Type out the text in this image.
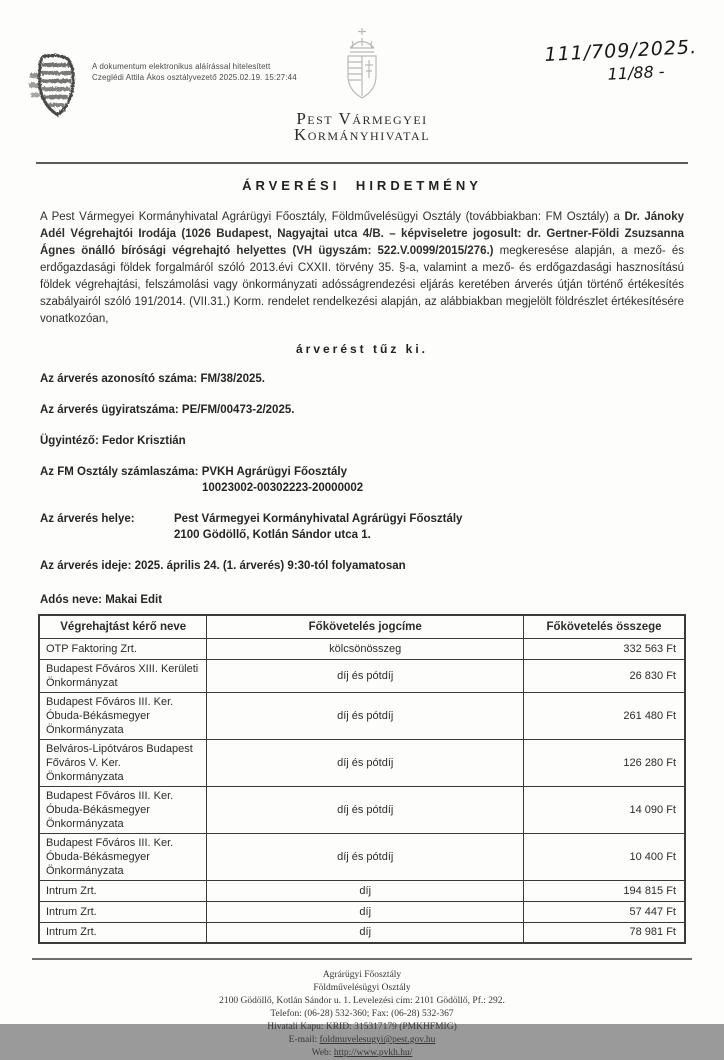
A dokumentum elektronikus aláírással hitelesített
Czeglédi Attila Ákos osztályvezető 2025.02.19. 15:27:44
Pest Vármegyei
Kormányhivatal
111/709/2025.
11/88 -
ÁRVERÉSI HIRDETMÉNY

A Pest Vármegyei Kormányhivatal Agrárügyi Főosztály, Földművelésügyi Osztály (továbbiakban: FM Osztály) a Dr. Jánoky Adél Végrehajtói Irodája (1026 Budapest, Nagyajtai utca 4/B. – képviseletre jogosult: dr. Gertner-Földi Zsuzsanna Ágnes önálló bírósági végrehajtó helyettes (VH ügyszám: 522.V.0099/2015/276.) megkeresése alapján, a mező- és erdőgazdasági földek forgalmáról szóló 2013.évi CXXII. törvény 35. §-a, valamint a mező- és erdőgazdasági hasznosítású földek végrehajtási, felszámolási vagy önkormányzati adósságrendezési eljárás keretében árverés útján történő értékesítés szabályairól szóló 191/2014. (VII.31.) Korm. rendelet rendelkezési alapján, az alábbiakban megjelölt földrészlet értékesítésére vonatkozóan,

árverést tűz ki.

Az árverés azonosító száma: FM/38/2025.
Az árverés ügyiratszáma: PE/FM/00473-2/2025.
Ügyintéző: Fedor Krisztián
Az FM Osztály számlaszáma: PVKH Agrárügyi Főosztály
10023002-00302223-20000002
Az árverés helye:	Pest Vármegyei Kormányhivatal Agrárügyi Főosztály
2100 Gödöllő, Kotlán Sándor utca 1.
Az árverés ideje: 2025. április 24. (1. árverés) 9:30-tól folyamatosan
Adós neve: Makai Edit
Végrehajtást kérő neve	Főkövetelés jogcíme	Főkövetelés összege
OTP Faktoring Zrt.	kölcsönösszeg	332 563 Ft
Budapest Főváros XIII. Kerületi Önkormányzat	díj és pótdíj	26 830 Ft
Budapest Főváros III. Ker. Óbuda-Békásmegyer Önkormányzata	díj és pótdíj	261 480 Ft
Belváros-Lipótváros Budapest Főváros V. Ker. Önkormányzata	díj és pótdíj	126 280 Ft
Budapest Főváros III. Ker. Óbuda-Békásmegyer Önkormányzata	díj és pótdíj	14 090 Ft
Budapest Főváros III. Ker. Óbuda-Békásmegyer Önkormányzata	díj és pótdíj	10 400 Ft
Intrum Zrt.	díj	194 815 Ft
Intrum Zrt.	díj	57 447 Ft
Intrum Zrt.	díj	78 981 Ft
Agrárügyi Főosztály
Földművelésügyi Osztály
2100 Gödöllő, Kotlán Sándor u. 1. Levelezési cím: 2101 Gödöllő, Pf.: 292.
Telefon: (06-28) 532-360; Fax: (06-28) 532-367
Hivatali Kapu: KRID: 315317179 (PMKHFMIG)
E-mail: foldmuvelesugyi@pest.gov.hu
Web: http://www.pvkh.hu/
